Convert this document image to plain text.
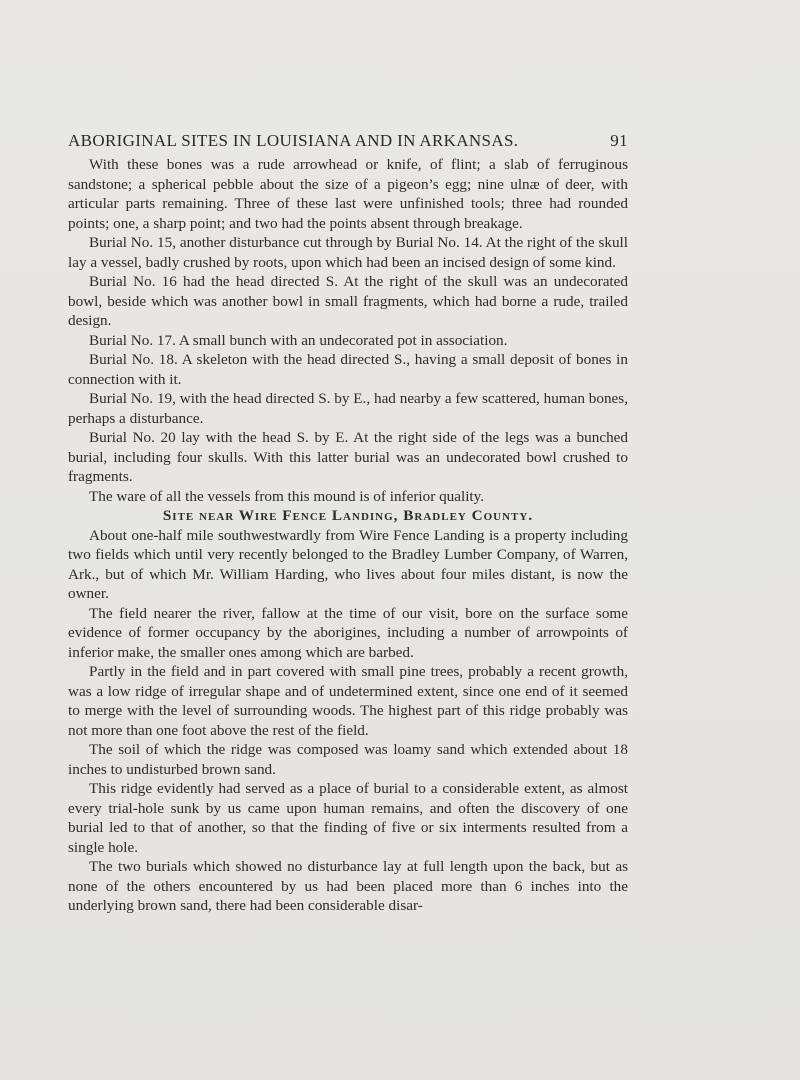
ABORIGINAL SITES IN LOUISIANA AND IN ARKANSAS.	91

With these bones was a rude arrowhead or knife, of flint; a slab of ferruginous sandstone; a spherical pebble about the size of a pigeon’s egg; nine ulnæ of deer, with articular parts remaining. Three of these last were unfinished tools; three had rounded points; one, a sharp point; and two had the points absent through breakage.

Burial No. 15, another disturbance cut through by Burial No. 14. At the right of the skull lay a vessel, badly crushed by roots, upon which had been an incised design of some kind.

Burial No. 16 had the head directed S. At the right of the skull was an undecorated bowl, beside which was another bowl in small fragments, which had borne a rude, trailed design.

Burial No. 17. A small bunch with an undecorated pot in association.

Burial No. 18. A skeleton with the head directed S., having a small deposit of bones in connection with it.

Burial No. 19, with the head directed S. by E., had nearby a few scattered, human bones, perhaps a disturbance.

Burial No. 20 lay with the head S. by E. At the right side of the legs was a bunched burial, including four skulls. With this latter burial was an undecorated bowl crushed to fragments.

The ware of all the vessels from this mound is of inferior quality.

Site near Wire Fence Landing, Bradley County.

About one-half mile southwestwardly from Wire Fence Landing is a property including two fields which until very recently belonged to the Bradley Lumber Company, of Warren, Ark., but of which Mr. William Harding, who lives about four miles distant, is now the owner.

The field nearer the river, fallow at the time of our visit, bore on the surface some evidence of former occupancy by the aborigines, including a number of arrowpoints of inferior make, the smaller ones among which are barbed.

Partly in the field and in part covered with small pine trees, probably a recent growth, was a low ridge of irregular shape and of undetermined extent, since one end of it seemed to merge with the level of surrounding woods. The highest part of this ridge probably was not more than one foot above the rest of the field.

The soil of which the ridge was composed was loamy sand which extended about 18 inches to undisturbed brown sand.

This ridge evidently had served as a place of burial to a considerable extent, as almost every trial-hole sunk by us came upon human remains, and often the discovery of one burial led to that of another, so that the finding of five or six interments resulted from a single hole.

The two burials which showed no disturbance lay at full length upon the back, but as none of the others encountered by us had been placed more than 6 inches into the underlying brown sand, there had been considerable disar-
